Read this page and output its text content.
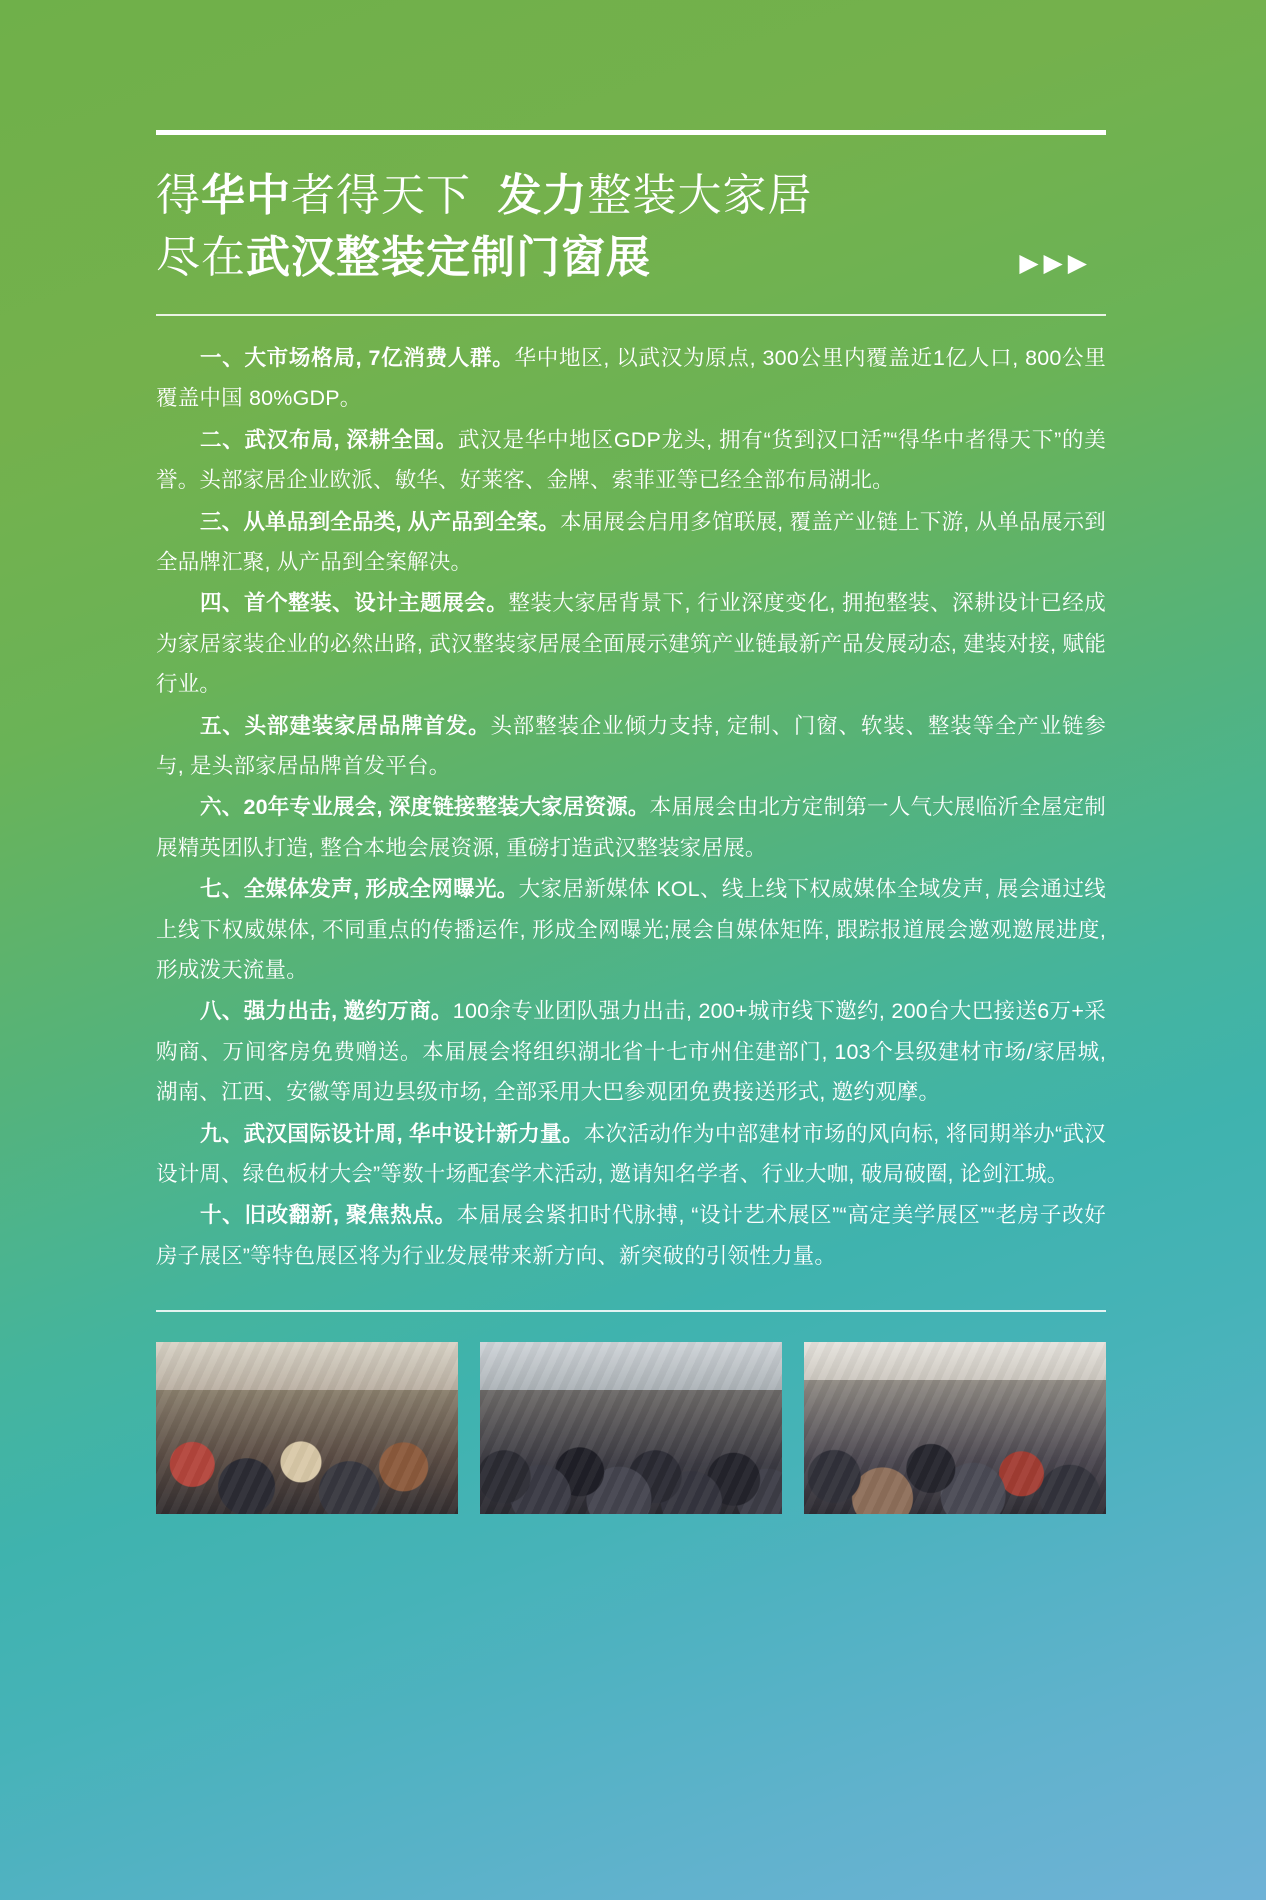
得华中者得天下 发力整装大家居
尽在武汉整装定制门窗展	▶▶▶

一、大市场格局, 7亿消费人群。华中地区, 以武汉为原点, 300公里内覆盖近1亿人口, 800公里覆盖中国 80%GDP。

二、武汉布局, 深耕全国。武汉是华中地区GDP龙头, 拥有“货到汉口活”“得华中者得天下”的美誉。头部家居企业欧派、敏华、好莱客、金牌、索菲亚等已经全部布局湖北。

三、从单品到全品类, 从产品到全案。本届展会启用多馆联展, 覆盖产业链上下游, 从单品展示到全品牌汇聚, 从产品到全案解决。

四、首个整装、设计主题展会。整装大家居背景下, 行业深度变化, 拥抱整装、深耕设计已经成为家居家装企业的必然出路, 武汉整装家居展全面展示建筑产业链最新产品发展动态, 建装对接, 赋能行业。

五、头部建装家居品牌首发。头部整装企业倾力支持, 定制、门窗、软装、整装等全产业链参与, 是头部家居品牌首发平台。

六、20年专业展会, 深度链接整装大家居资源。本届展会由北方定制第一人气大展临沂全屋定制展精英团队打造, 整合本地会展资源, 重磅打造武汉整装家居展。

七、全媒体发声, 形成全网曝光。大家居新媒体 KOL、线上线下权威媒体全域发声, 展会通过线上线下权威媒体, 不同重点的传播运作, 形成全网曝光;展会自媒体矩阵, 跟踪报道展会邀观邀展进度, 形成泼天流量。

八、强力出击, 邀约万商。100余专业团队强力出击, 200+城市线下邀约, 200台大巴接送6万+采购商、万间客房免费赠送。本届展会将组织湖北省十七市州住建部门, 103个县级建材市场/家居城, 湖南、江西、安徽等周边县级市场, 全部采用大巴参观团免费接送形式, 邀约观摩。

九、武汉国际设计周, 华中设计新力量。本次活动作为中部建材市场的风向标, 将同期举办“武汉设计周、绿色板材大会”等数十场配套学术活动, 邀请知名学者、行业大咖, 破局破圈, 论剑江城。

十、旧改翻新, 聚焦热点。本届展会紧扣时代脉搏, “设计艺术展区”“高定美学展区”“老房子改好房子展区”等特色展区将为行业发展带来新方向、新突破的引领性力量。
